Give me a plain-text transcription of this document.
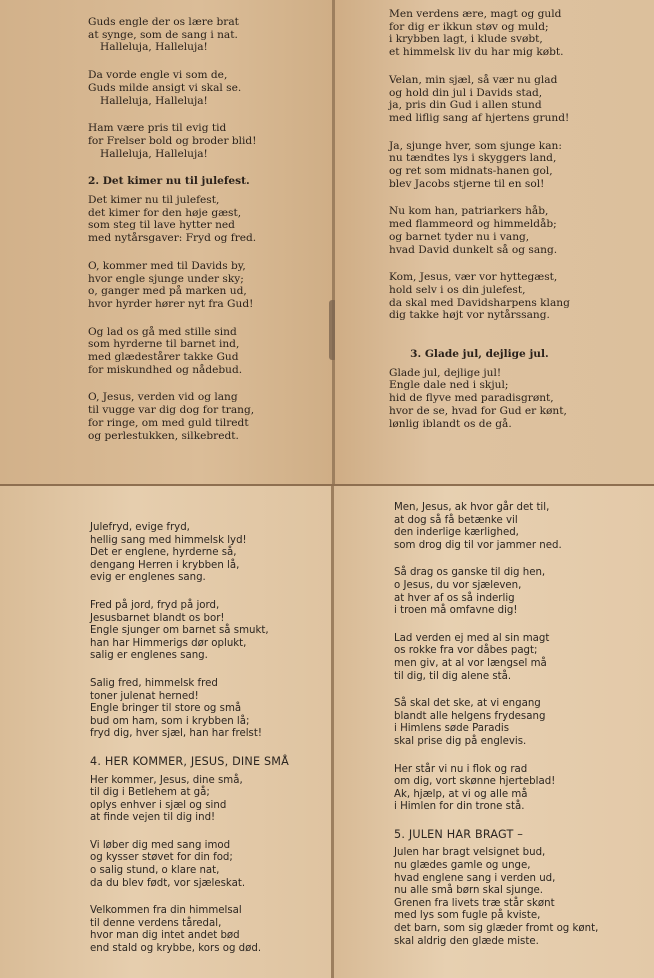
Guds engle der os lære brat
at synge, som de sang i nat.
Halleluja, Halleluja!
Da vorde engle vi som de,
Guds milde ansigt vi skal se.
Halleluja, Halleluja!
Ham være pris til evig tid
for Frelser bold og broder blid!
Halleluja, Halleluja!
2. Det kimer nu til julefest.
Det kimer nu til julefest,
det kimer for den høje gæst,
som steg til lave hytter ned
med nytårsgaver: Fryd og fred.
O, kommer med til Davids by,
hvor engle sjunge under sky;
o, ganger med på marken ud,
hvor hyrder hører nyt fra Gud!
Og lad os gå med stille sind
som hyrderne til barnet ind,
med glædestårer takke Gud
for miskundhed og nådebud.
O, Jesus, verden vid og lang
til vugge var dig dog for trang,
for ringe, om med guld tilredt
og perlestukken, silkebredt.
Men verdens ære, magt og guld
for dig er ikkun støv og muld;
i krybben lagt, i klude svøbt,
et himmelsk liv du har mig købt.
Velan, min sjæl, så vær nu glad
og hold din jul i Davids stad,
ja, pris din Gud i allen stund
med liflig sang af hjertens grund!
Ja, sjunge hver, som sjunge kan:
nu tændtes lys i skyggers land,
og ret som midnats-hanen gol,
blev Jacobs stjerne til en sol!
Nu kom han, patriarkers håb,
med flammeord og himmeldåb;
og barnet tyder nu i vang,
hvad David dunkelt så og sang.
Kom, Jesus, vær vor hyttegæst,
hold selv i os din julefest,
da skal med Davidsharpens klang
dig takke højt vor nytårssang.
3. Glade jul, dejlige jul.
Glade jul, dejlige jul!
Engle dale ned i skjul;
hid de flyve med paradisgrønt,
hvor de se, hvad for Gud er kønt,
lønlig iblandt os de gå.
Julefryd, evige fryd,
hellig sang med himmelsk lyd!
Det er englene, hyrderne så,
dengang Herren i krybben lå,
evig er englenes sang.
Fred på jord, fryd på jord,
Jesusbarnet blandt os bor!
Engle sjunger om barnet så smukt,
han har Himmerigs dør oplukt,
salig er englenes sang.
Salig fred, himmelsk fred
toner julenat herned!
Engle bringer til store og små
bud om ham, som i krybben lå;
fryd dig, hver sjæl, han har frelst!
4. HER KOMMER, JESUS, DINE SMÅ
Her kommer, Jesus, dine små,
til dig i Betlehem at gå;
oplys enhver i sjæl og sind
at finde vejen til dig ind!
Vi løber dig med sang imod
og kysser støvet for din fod;
o salig stund, o klare nat,
da du blev født, vor sjæleskat.
Velkommen fra din himmelsal
til denne verdens tåredal,
hvor man dig intet andet bød
end stald og krybbe, kors og død.
Men, Jesus, ak hvor går det til,
at dog så få betænke vil
den inderlige kærlighed,
som drog dig til vor jammer ned.
Så drag os ganske til dig hen,
o Jesus, du vor sjæleven,
at hver af os så inderlig
i troen må omfavne dig!
Lad verden ej med al sin magt
os rokke fra vor dåbes pagt;
men giv, at al vor længsel må
til dig, til dig alene stå.
Så skal det ske, at vi engang
blandt alle helgens frydesang
i Himlens søde Paradis
skal prise dig på englevis.
Her står vi nu i flok og rad
om dig, vort skønne hjerteblad!
Ak, hjælp, at vi og alle må
i Himlen for din trone stå.
5. JULEN HAR BRAGT –
Julen har bragt velsignet bud,
nu glædes gamle og unge,
hvad englene sang i verden ud,
nu alle små børn skal sjunge.
Grenen fra livets træ står skønt
med lys som fugle på kviste,
det barn, som sig glæder fromt og kønt,
skal aldrig den glæde miste.
